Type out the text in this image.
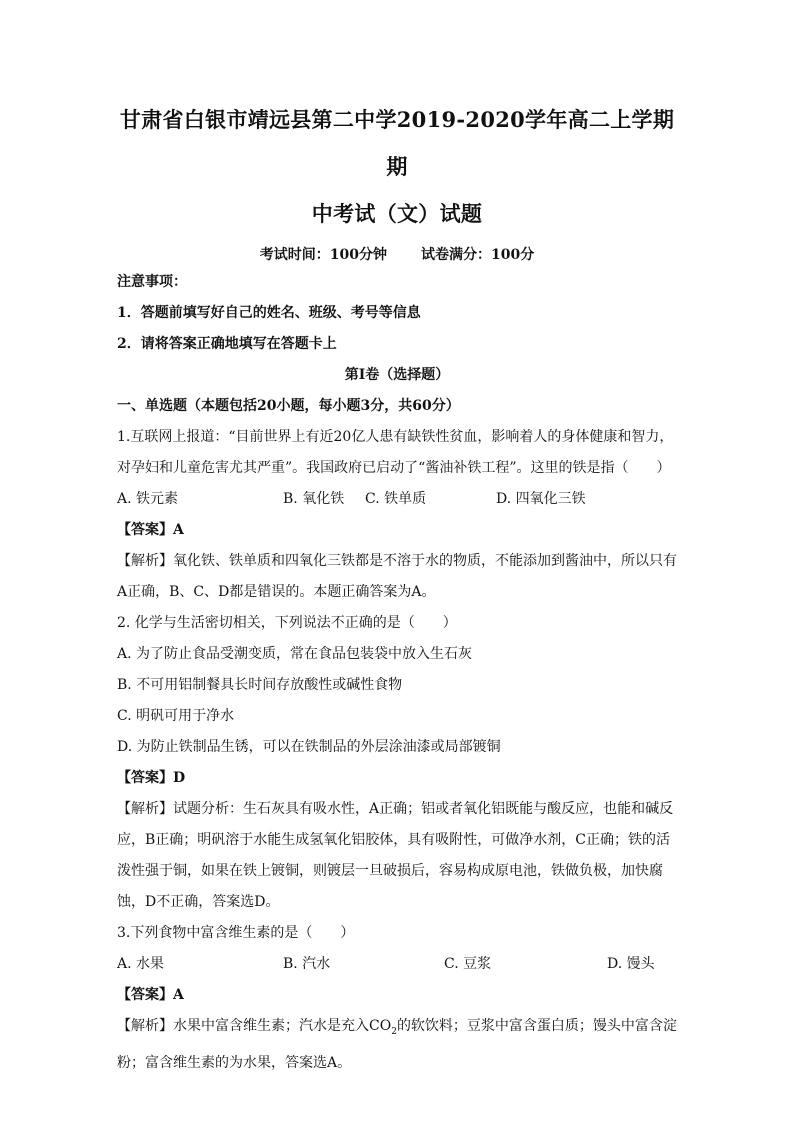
甘肃省白银市靖远县第二中学2019-2020学年高二上学期期
中考试（文）试题
考试时间：100分钟 试卷满分：100分
注意事项：
1．答题前填写好自己的姓名、班级、考号等信息
2．请将答案正确地填写在答题卡上
第I卷（选择题）
一、单选题（本题包括20小题，每小题3分，共60分）
1.互联网上报道：“目前世界上有近20亿人患有缺铁性贫血，影响着人的身体健康和智力，对孕妇和儿童危害尤其严重”。我国政府已启动了“酱油补铁工程”。这里的铁是指（　　）
A. 铁元素	B. 氧化铁	C. 铁单质	D. 四氧化三铁
【答案】A
【解析】氧化铁、铁单质和四氧化三铁都是不溶于水的物质，不能添加到酱油中，所以只有A正确，B、C、D都是错误的。本题正确答案为A。
2. 化学与生活密切相关，下列说法不正确的是（　　）
A. 为了防止食品受潮变质，常在食品包装袋中放入生石灰
B. 不可用铝制餐具长时间存放酸性或碱性食物
C. 明矾可用于净水
D. 为防止铁制品生锈，可以在铁制品的外层涂油漆或局部镀铜
【答案】D
【解析】试题分析：生石灰具有吸水性，A正确；铝或者氧化铝既能与酸反应，也能和碱反应，B正确；明矾溶于水能生成氢氧化铝胶体，具有吸附性，可做净水剂，C正确；铁的活泼性强于铜，如果在铁上镀铜，则镀层一旦破损后，容易构成原电池，铁做负极，加快腐蚀，D不正确，答案选D。
3.下列食物中富含维生素的是（　　）
A. 水果	B. 汽水	C. 豆浆	D. 馒头
【答案】A
【解析】水果中富含维生素；汽水是充入$CO_2$的软饮料；豆浆中富含蛋白质；馒头中富含淀粉；富含维生素的为水果，答案选A。
